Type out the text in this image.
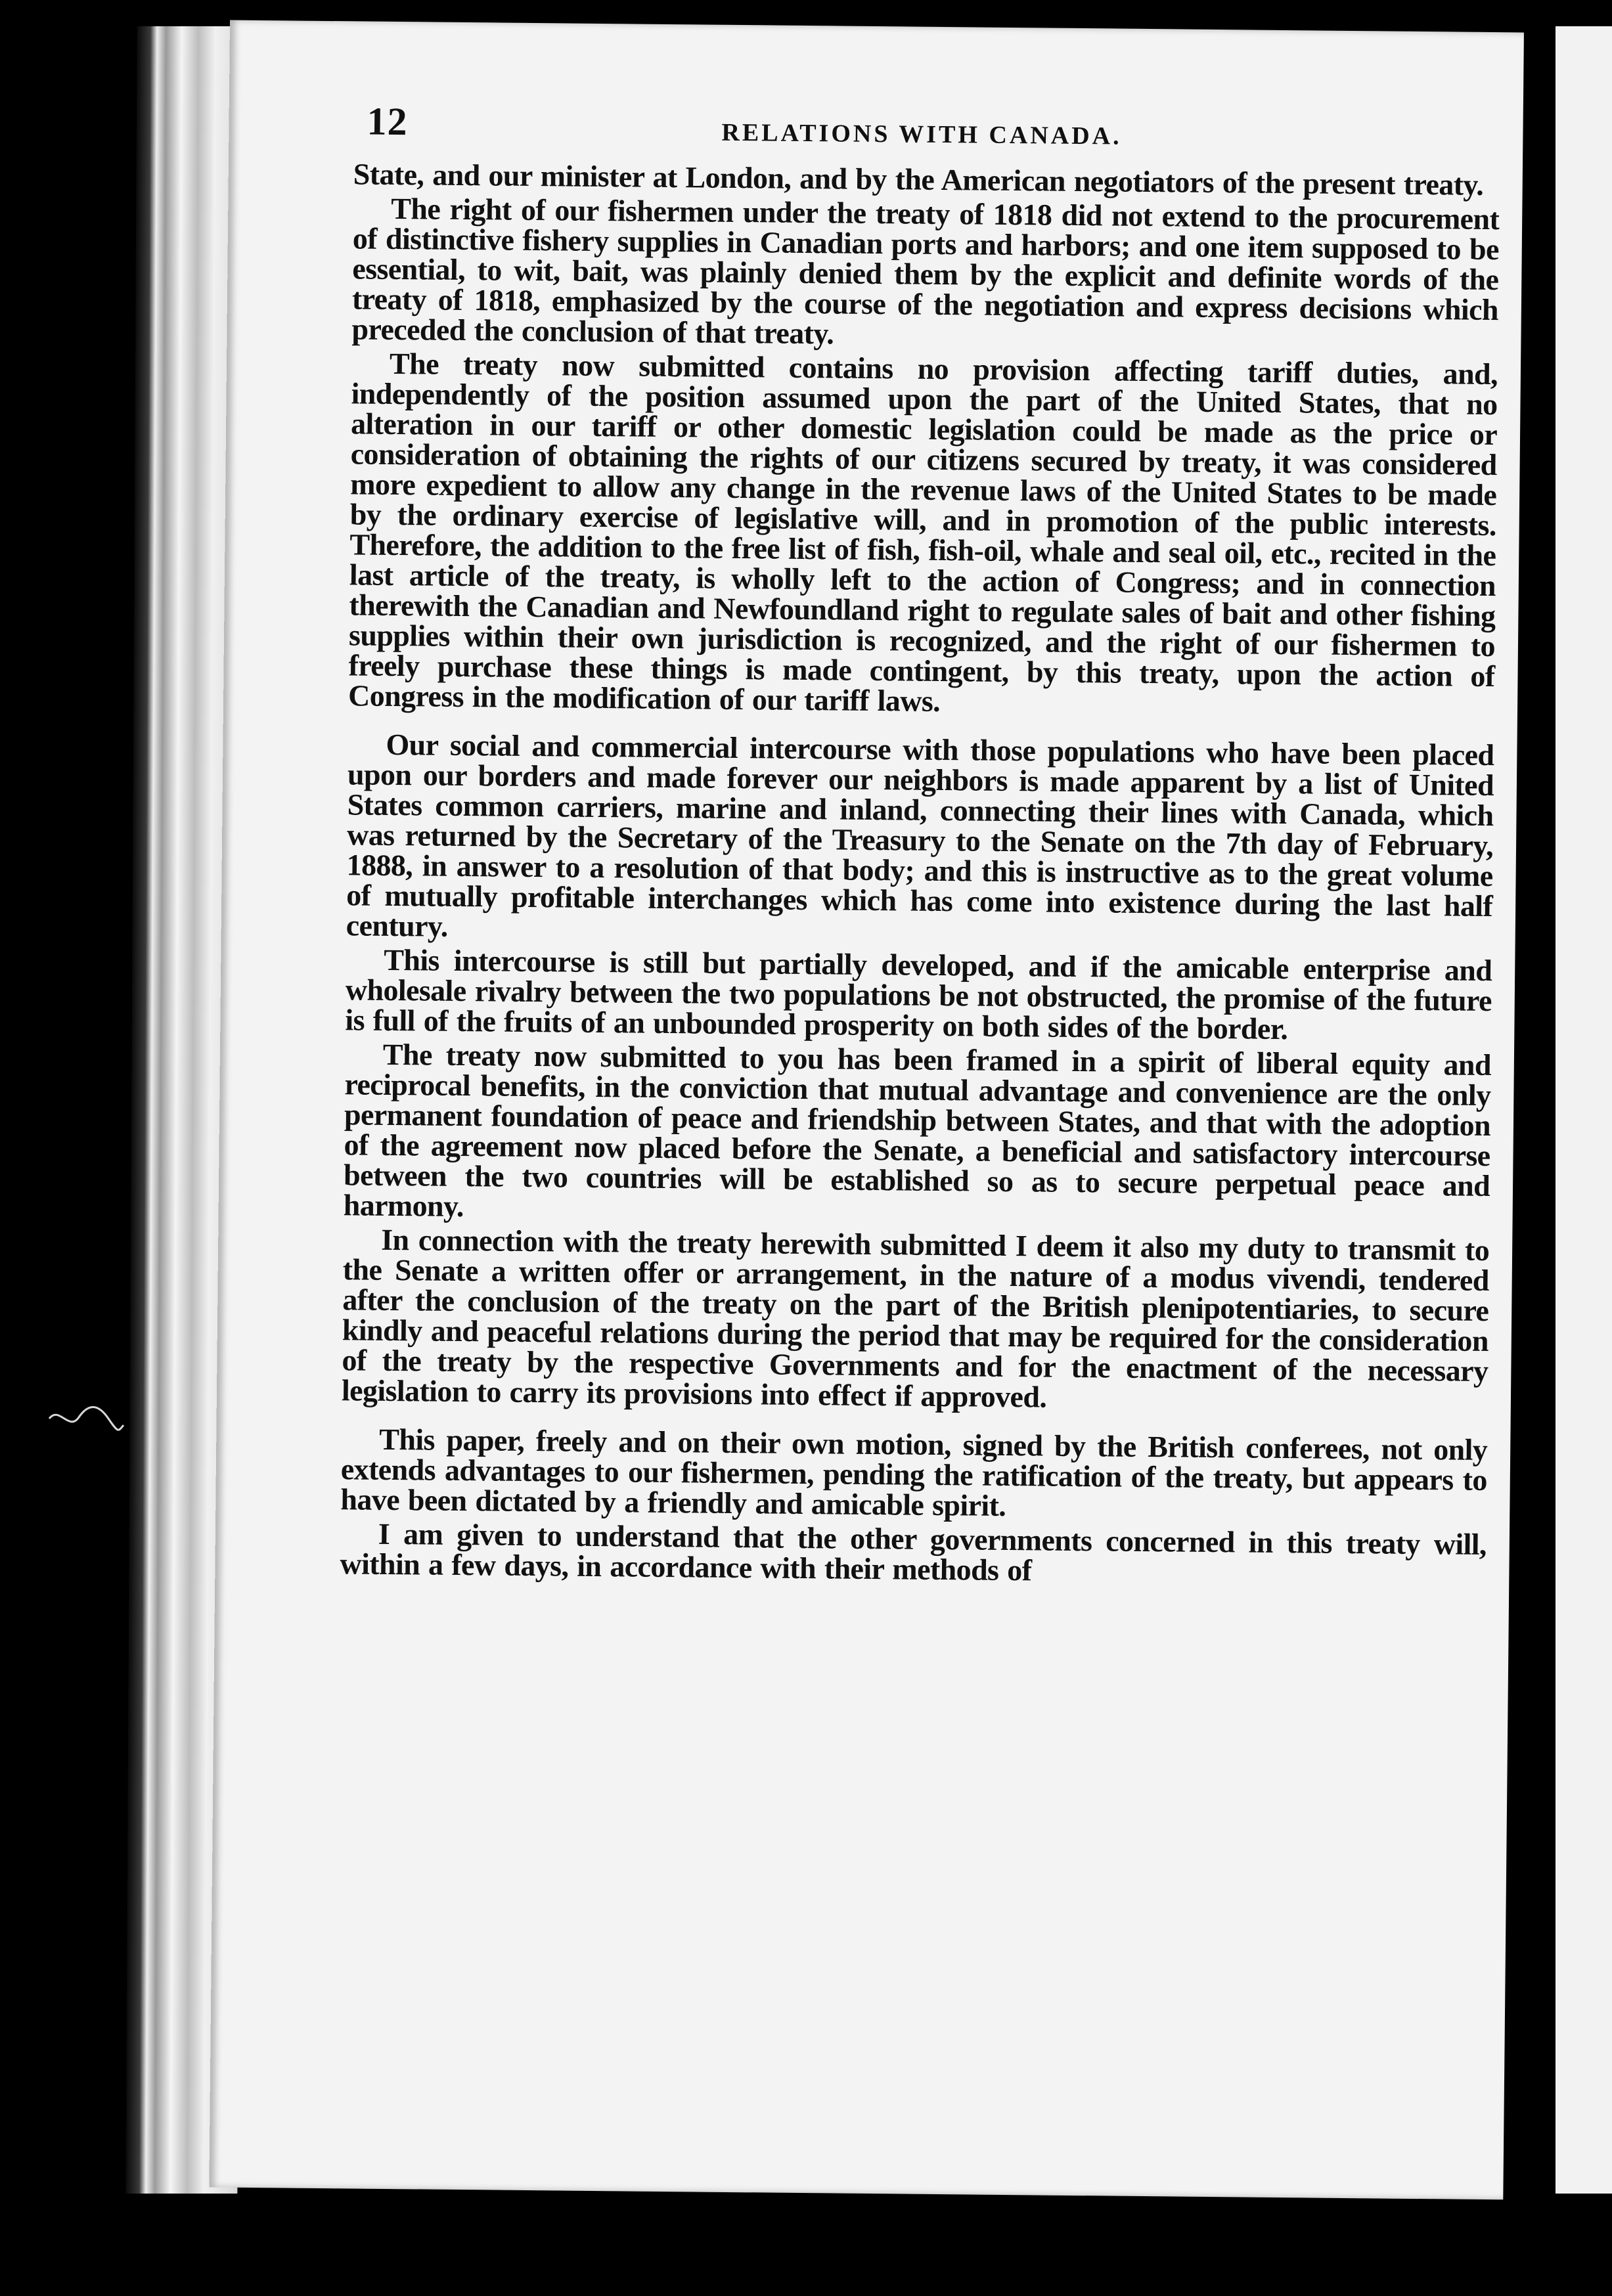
12	RELATIONS WITH CANADA.

State, and our minister at London, and by the American negotiators of the present treaty.

The right of our fishermen under the treaty of 1818 did not extend to the procurement of distinctive fishery supplies in Canadian ports and harbors; and one item supposed to be essential, to wit, bait, was plainly denied them by the explicit and definite words of the treaty of 1818, emphasized by the course of the negotiation and express decisions which preceded the conclusion of that treaty.

The treaty now submitted contains no provision affecting tariff duties, and, independently of the position assumed upon the part of the United States, that no alteration in our tariff or other domestic legislation could be made as the price or consideration of obtaining the rights of our citizens secured by treaty, it was considered more expedient to allow any change in the revenue laws of the United States to be made by the ordinary exercise of legislative will, and in promotion of the public interests. Therefore, the addition to the free list of fish, fish-oil, whale and seal oil, etc., recited in the last article of the treaty, is wholly left to the action of Congress; and in connection therewith the Canadian and Newfoundland right to regulate sales of bait and other fishing supplies within their own jurisdiction is recognized, and the right of our fishermen to freely purchase these things is made contingent, by this treaty, upon the action of Congress in the modification of our tariff laws.

Our social and commercial intercourse with those populations who have been placed upon our borders and made forever our neighbors is made apparent by a list of United States common carriers, marine and inland, connecting their lines with Canada, which was returned by the Secretary of the Treasury to the Senate on the 7th day of February, 1888, in answer to a resolution of that body; and this is instructive as to the great volume of mutually profitable interchanges which has come into existence during the last half century.

This intercourse is still but partially developed, and if the amicable enterprise and wholesale rivalry between the two populations be not obstructed, the promise of the future is full of the fruits of an unbounded prosperity on both sides of the border.

The treaty now submitted to you has been framed in a spirit of liberal equity and reciprocal benefits, in the conviction that mutual advantage and convenience are the only permanent foundation of peace and friendship between States, and that with the adoption of the agreement now placed before the Senate, a beneficial and satisfactory intercourse between the two countries will be established so as to secure perpetual peace and harmony.

In connection with the treaty herewith submitted I deem it also my duty to transmit to the Senate a written offer or arrangement, in the nature of a modus vivendi, tendered after the conclusion of the treaty on the part of the British plenipotentiaries, to secure kindly and peaceful relations during the period that may be required for the consideration of the treaty by the respective Governments and for the enactment of the necessary legislation to carry its provisions into effect if approved.

This paper, freely and on their own motion, signed by the British conferees, not only extends advantages to our fishermen, pending the ratification of the treaty, but appears to have been dictated by a friendly and amicable spirit.

I am given to understand that the other governments concerned in this treaty will, within a few days, in accordance with their methods of
